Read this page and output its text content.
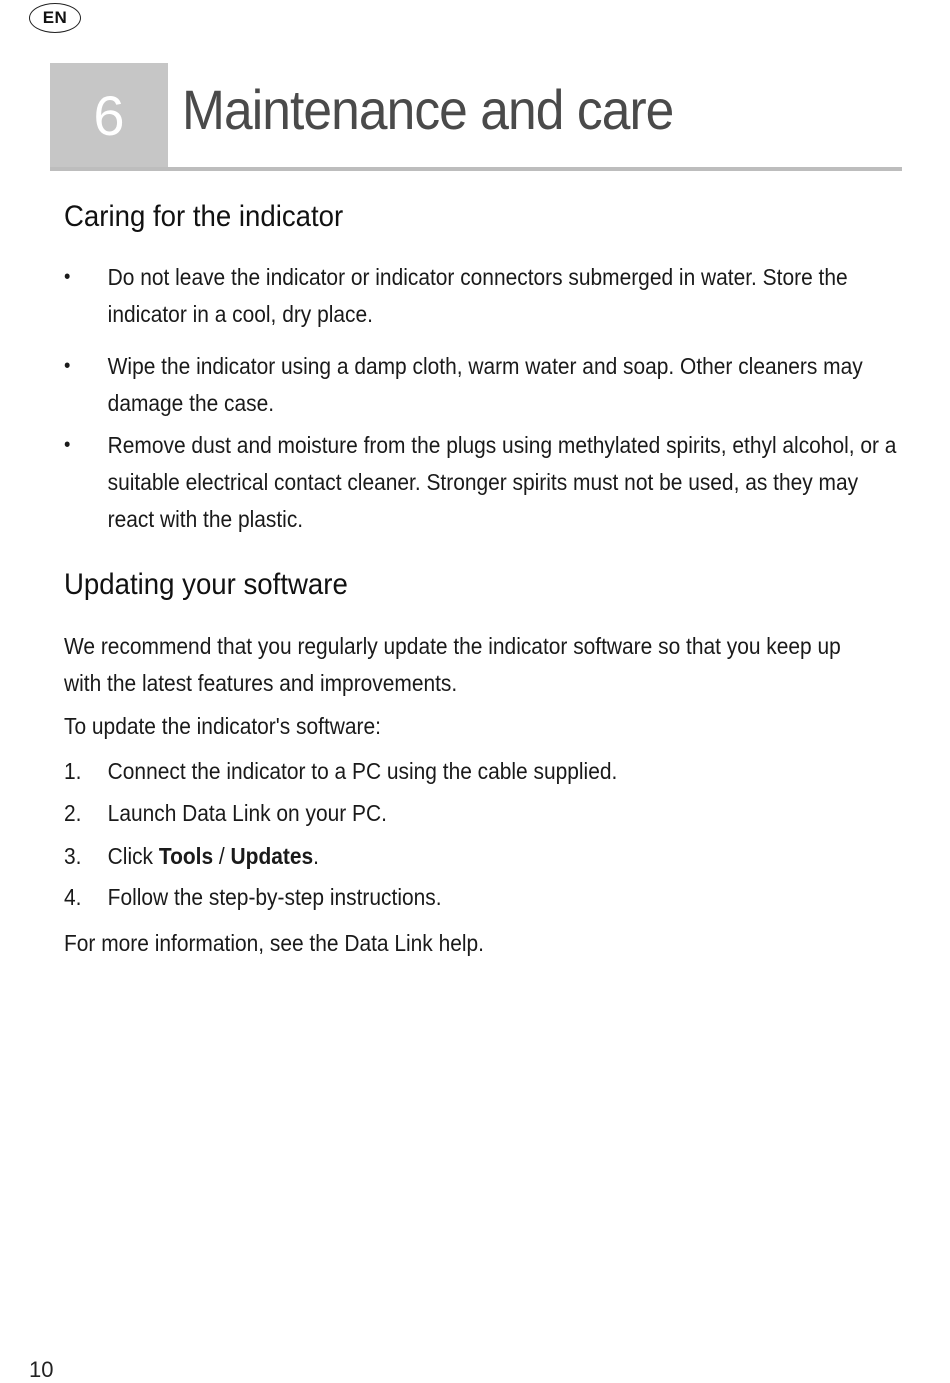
EN
6	Maintenance and care
Caring for the indicator
• Do not leave the indicator or indicator connectors submerged in water. Store the indicator in a cool, dry place.
• Wipe the indicator using a damp cloth, warm water and soap. Other cleaners may damage the case.
• Remove dust and moisture from the plugs using methylated spirits, ethyl alcohol, or a suitable electrical contact cleaner. Stronger spirits must not be used, as they may react with the plastic.
Updating your software
We recommend that you regularly update the indicator software so that you keep up with the latest features and improvements.
To update the indicator's software:
1. Connect the indicator to a PC using the cable supplied.
2. Launch Data Link on your PC.
3. Click Tools / Updates.
4. Follow the step-by-step instructions.
For more information, see the Data Link help.
10
